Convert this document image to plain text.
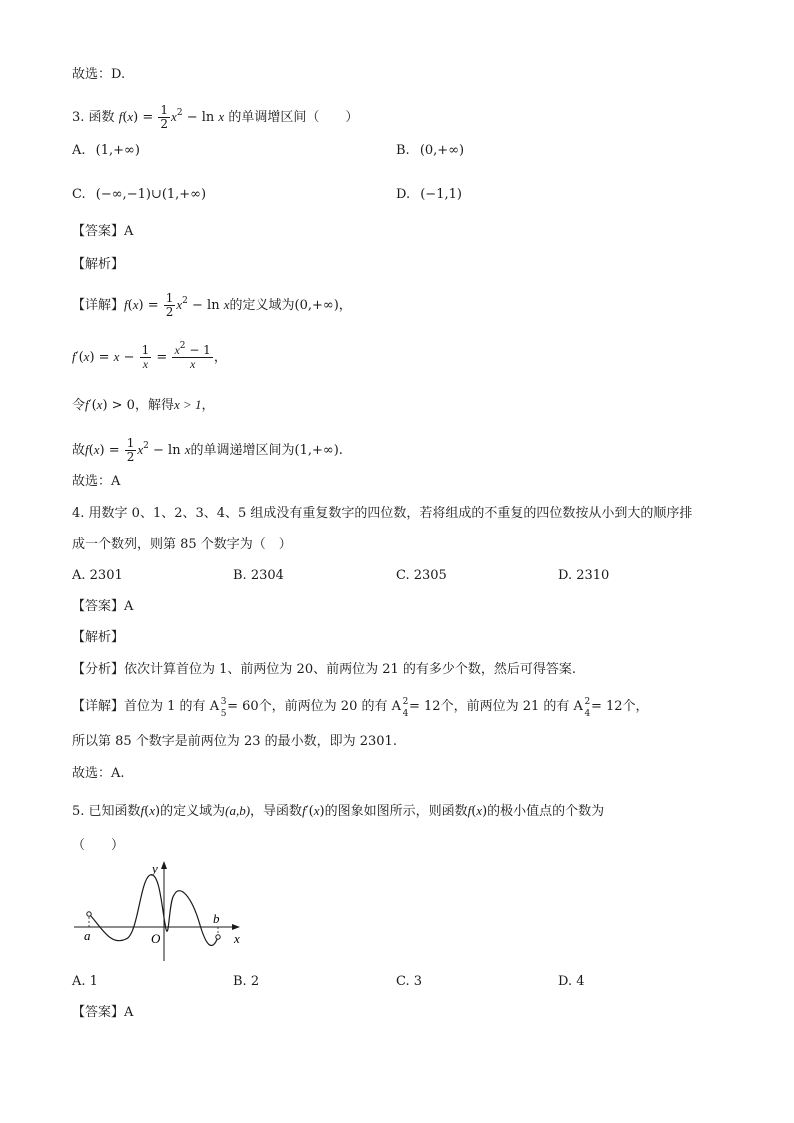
故选：D.
3. 函数 $f(x) = \frac{1}{2} x^2 - \ln x$ 的单调增区间（　　）
A. (1,+∞)	B. (0,+∞)
C. (−∞,−1)∪(1,+∞)	D. (−1,1)
【答案】A
【解析】
【详解】$f(x) = \frac{1}{2} x^2 - \ln x$的定义域为(0,+∞)，
$f'(x) = x - \frac{1}{x} = \frac{x^2 - 1}{x}$ ，
令f′(x) > 0，解得x > 1，
故$f(x) = \frac{1}{2} x^2 - \ln x$的单调递增区间为(1,+∞).
故选：A
4. 用数字 0、1、2、3、4、5 组成没有重复数字的四位数，若将组成的不重复的四位数按从小到大的顺序排
成一个数列，则第 85 个数字为（　）
A. 2301	B. 2304	C. 2305	D. 2310
【答案】A
【解析】
【分析】依次计算首位为 1、前两位为 20、前两位为 21 的有多少个数，然后可得答案.
【详解】首位为 1 的有 A 3
5 = 60个，前两位为 20 的有 A 2
4 = 12个，前两位为 21 的有 A 2
4 = 12个，
所以第 85 个数字是前两位为 23 的最小数，即为 2301.
故选：A.
5. 已知函数f(x)的定义域为(a,b)，导函数f′(x)的图象如图所示，则函数f(x)的极小值点的个数为
（　　）
y
x
O
a
b
A. 1	B. 2	C. 3	D. 4
【答案】A
